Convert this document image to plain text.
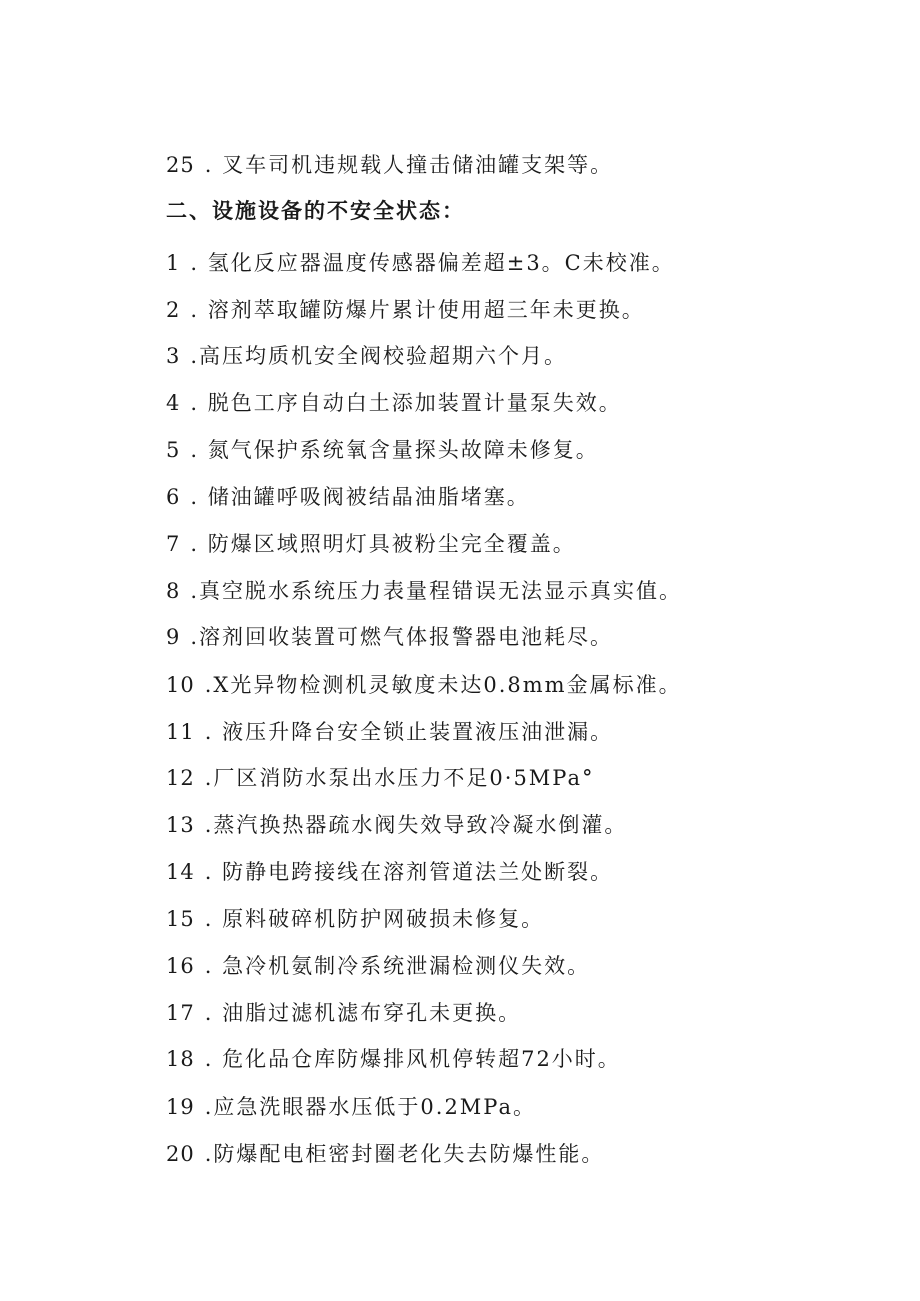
25 . 叉车司机违规载人撞击储油罐支架等。
二、设施设备的不安全状态：
1 . 氢化反应器温度传感器偏差超±3。C未校准。
2 . 溶剂萃取罐防爆片累计使用超三年未更换。
3 .高压均质机安全阀校验超期六个月。
4 . 脱色工序自动白土添加装置计量泵失效。
5 . 氮气保护系统氧含量探头故障未修复。
6 . 储油罐呼吸阀被结晶油脂堵塞。
7 . 防爆区域照明灯具被粉尘完全覆盖。
8 .真空脱水系统压力表量程错误无法显示真实值。
9 .溶剂回收装置可燃气体报警器电池耗尽。
10 .X光异物检测机灵敏度未达0.8mm金属标准。
11 . 液压升降台安全锁止装置液压油泄漏。
12 .厂区消防水泵出水压力不足0·5MPa°
13 .蒸汽换热器疏水阀失效导致冷凝水倒灌。
14 . 防静电跨接线在溶剂管道法兰处断裂。
15 . 原料破碎机防护网破损未修复。
16 . 急冷机氨制冷系统泄漏检测仪失效。
17 . 油脂过滤机滤布穿孔未更换。
18 . 危化品仓库防爆排风机停转超72小时。
19 .应急洗眼器水压低于0.2MPa。
20 .防爆配电柜密封圈老化失去防爆性能。
